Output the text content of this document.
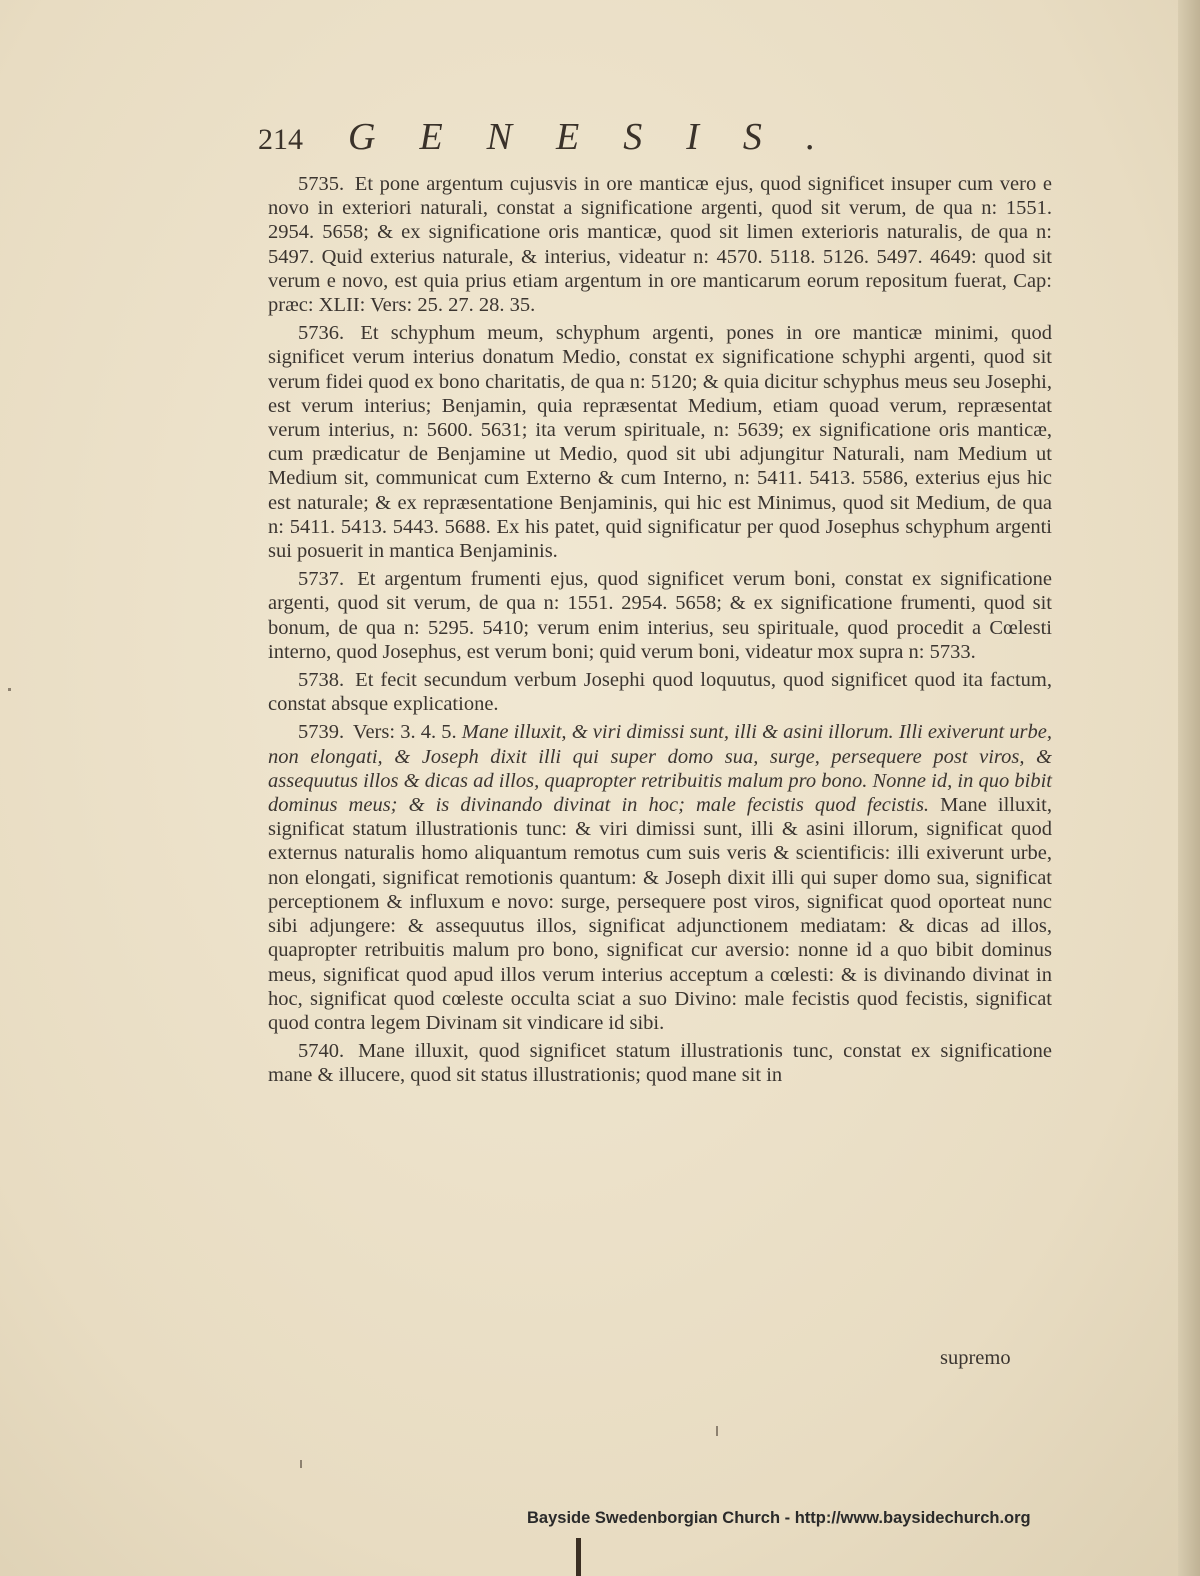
214	GENESIS.

5735. Et pone argentum cujusvis in ore manticæ ejus, quod significet insuper cum vero e novo in exteriori naturali, constat a significatione argenti, quod sit verum, de qua n: 1551. 2954. 5658; & ex significatione oris manticæ, quod sit limen exterioris naturalis, de qua n: 5497. Quid exterius naturale, & interius, videatur n: 4570. 5118. 5126. 5497. 4649: quod sit verum e novo, est quia prius etiam argentum in ore manticarum eorum repositum fuerat, Cap: præc: XLII: Vers: 25. 27. 28. 35.

5736. Et schyphum meum, schyphum argenti, pones in ore manticæ minimi, quod significet verum interius donatum Medio, constat ex significatione schyphi argenti, quod sit verum fidei quod ex bono charitatis, de qua n: 5120; & quia dicitur schyphus meus seu Josephi, est verum interius; Benjamin, quia repræsentat Medium, etiam quoad verum, repræsentat verum interius, n: 5600. 5631; ita verum spirituale, n: 5639; ex significatione oris manticæ, cum prædicatur de Benjamine ut Medio, quod sit ubi adjungitur Naturali, nam Medium ut Medium sit, communicat cum Externo & cum Interno, n: 5411. 5413. 5586, exterius ejus hic est naturale; & ex repræsentatione Benjaminis, qui hic est Minimus, quod sit Medium, de qua n: 5411. 5413. 5443. 5688. Ex his patet, quid significatur per quod Josephus schyphum argenti sui posuerit in mantica Benjaminis.

5737. Et argentum frumenti ejus, quod significet verum boni, constat ex significatione argenti, quod sit verum, de qua n: 1551. 2954. 5658; & ex significatione frumenti, quod sit bonum, de qua n: 5295. 5410; verum enim interius, seu spirituale, quod procedit a Cœlesti interno, quod Josephus, est verum boni; quid verum boni, videatur mox supra n: 5733.

5738. Et fecit secundum verbum Josephi quod loquutus, quod significet quod ita factum, constat absque explicatione.

5739. Vers: 3. 4. 5. Mane illuxit, & viri dimissi sunt, illi & asini illorum. Illi exiverunt urbe, non elongati, & Joseph dixit illi qui super domo sua, surge, persequere post viros, & assequutus illos & dicas ad illos, quapropter retribuitis malum pro bono. Nonne id, in quo bibit dominus meus; & is divinando divinat in hoc; male fecistis quod fecistis. Mane illuxit, significat statum illustrationis tunc: & viri dimissi sunt, illi & asini illorum, significat quod externus naturalis homo aliquantum remotus cum suis veris & scientificis: illi exiverunt urbe, non elongati, significat remotionis quantum: & Joseph dixit illi qui super domo sua, significat perceptionem & influxum e novo: surge, persequere post viros, significat quod oporteat nunc sibi adjungere: & assequutus illos, significat adjunctionem mediatam: & dicas ad illos, quapropter retribuitis malum pro bono, significat cur aversio: nonne id a quo bibit dominus meus, significat quod apud illos verum interius acceptum a cœlesti: & is divinando divinat in hoc, significat quod cœleste occulta sciat a suo Divino: male fecistis quod fecistis, significat quod contra legem Divinam sit vindicare id sibi.

5740. Mane illuxit, quod significet statum illustrationis tunc, constat ex significatione mane & illucere, quod sit status illustrationis; quod mane sit in

supremo
Bayside Swedenborgian Church - http://www.baysidechurch.org
